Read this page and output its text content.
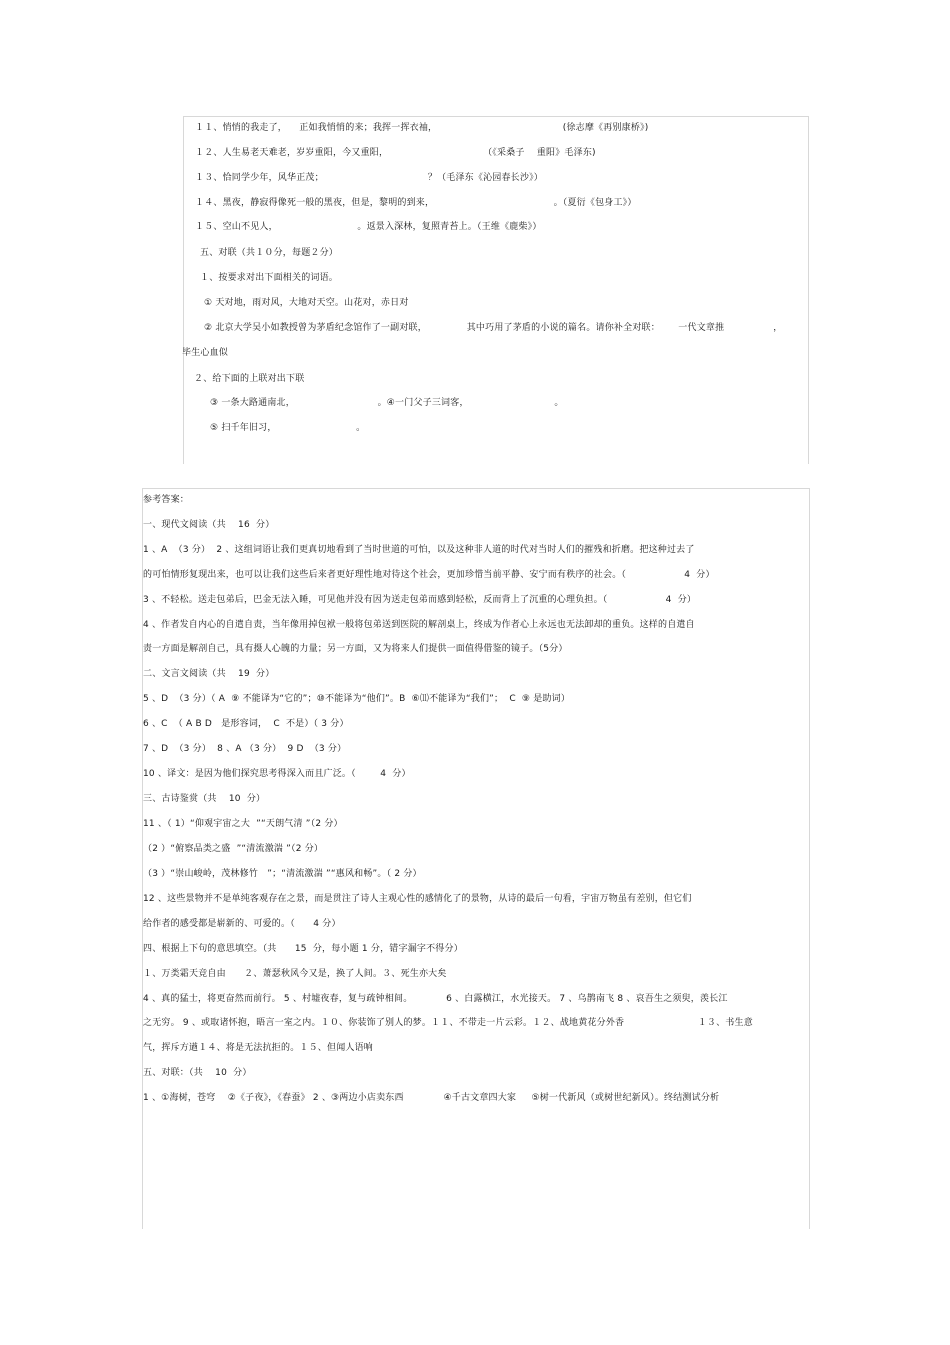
１１、悄悄的我走了，    正如我悄悄的来；我挥一挥衣袖，                                         (徐志摩《再别康桥》)
１２、人生易老天难老，岁岁重阳，今又重阳，                               （《采桑子    重阳》毛泽东)
１３、恰同学少年，风华正茂；                                  ？（毛泽东《沁园春长沙》）
１４、黑夜，静寂得像死一般的黑夜，但是，黎明的到来，                                       。（夏衍《包身工》）
１５、空山不见人，                          。返景入深林，复照青苔上。（王维《鹿柴》）
五、对联（共１０分，每题２分）
１、按要求对出下面相关的词语。
① 天对地，雨对风，大地对天空。山花对，赤日对
② 北京大学吴小如教授曾为茅盾纪念馆作了一副对联，             其中巧用了茅盾的小说的篇名。请你补全对联：      一代文章推                ，
毕生心血似
２、给下面的上联对出下联
③ 一条大路通南北，                           。④一门父子三词客，                            。
⑤ 扫千年旧习，                          。
参考答案：
一、现代文阅读（共    16  分）
1 、A  （3 分）  2 、这组词语让我们更真切地看到了当时世道的可怕，以及这种非人道的时代对当时人们的摧残和折磨。把这种过去了
的可怕情形复现出来，也可以让我们这些后来者更好理性地对待这个社会，更加珍惜当前平静、安宁而有秩序的社会。（                   4  分）
3 、不轻松。送走包弟后，巴金无法入睡，可见他并没有因为送走包弟而感到轻松，反而背上了沉重的心理负担。（                   4  分）
4 、作者发自内心的自遣自责，当年像用掉包袱一般将包弟送到医院的解剖桌上，终成为作者心上永远也无法卸却的重负。这样的自遣自
责一方面是解剖自己，具有摄人心魄的力量；另一方面，又为将来人们提供一面值得借鉴的镜子。（5分）
二、文言文阅读（共    19  分）
5 、D  （3 分）（ A  ⑨ 不能译为“它的”；⑩不能译为“他们”。B  ⑥⑾不能译为“我们”；  C  ⑨ 是助词）
6 、C  （ A B D   是形容词，  C  不是）（ 3 分）
7 、D  （3 分）  8 、A （3 分）  9 D  （3 分）
10 、译文：是因为他们探究思考得深入而且广泛。（        4  分）
三、古诗鉴赏（共    10  分）
11 、（ 1）“仰观宇宙之大  ”“天朗气清 ”（2 分）
（2 ）“俯察品类之盛  ”“清流激湍 ”（2 分）
（3 ）“崇山峻岭，茂林修竹   ”；“清流激湍 ”“惠风和畅”。（ 2 分）
12 、这些景物并不是单纯客观存在之景，而是贯注了诗人主观心性的感情化了的景物，从诗的最后一句看，宇宙万物虽有差别，但它们
给作者的感受都是崭新的、可爱的。（      4 分）
四、根据上下句的意思填空。（共      15  分，每小题 1 分，错字漏字不得分）
１、万类霜天竞自由      ２、萧瑟秋风今又是，换了人间。３、死生亦大矣
4 、真的猛士，将更奋然而前行。 5 、村墟夜春，复与疏钟相间。           6 、白露横江，水光接天。 7 、乌鹊南飞 8 、哀吾生之须臾，羡长江
之无穷。 9 、或取诸怀抱，晤言一室之内。１０、你装饰了别人的梦。１１、不带走一片云彩。１２、战地黄花分外香                        １３、书生意
气，挥斥方遒１４、将是无法抗拒的。１５、但闻人语响
五、对联：（共    10  分）
1 、①海树，苍穹    ②《子夜》，《春蚕》 2 、③两边小店卖东西             ④千古文章四大家     ⑤树一代新风（或树世纪新风）。终结测试分析
